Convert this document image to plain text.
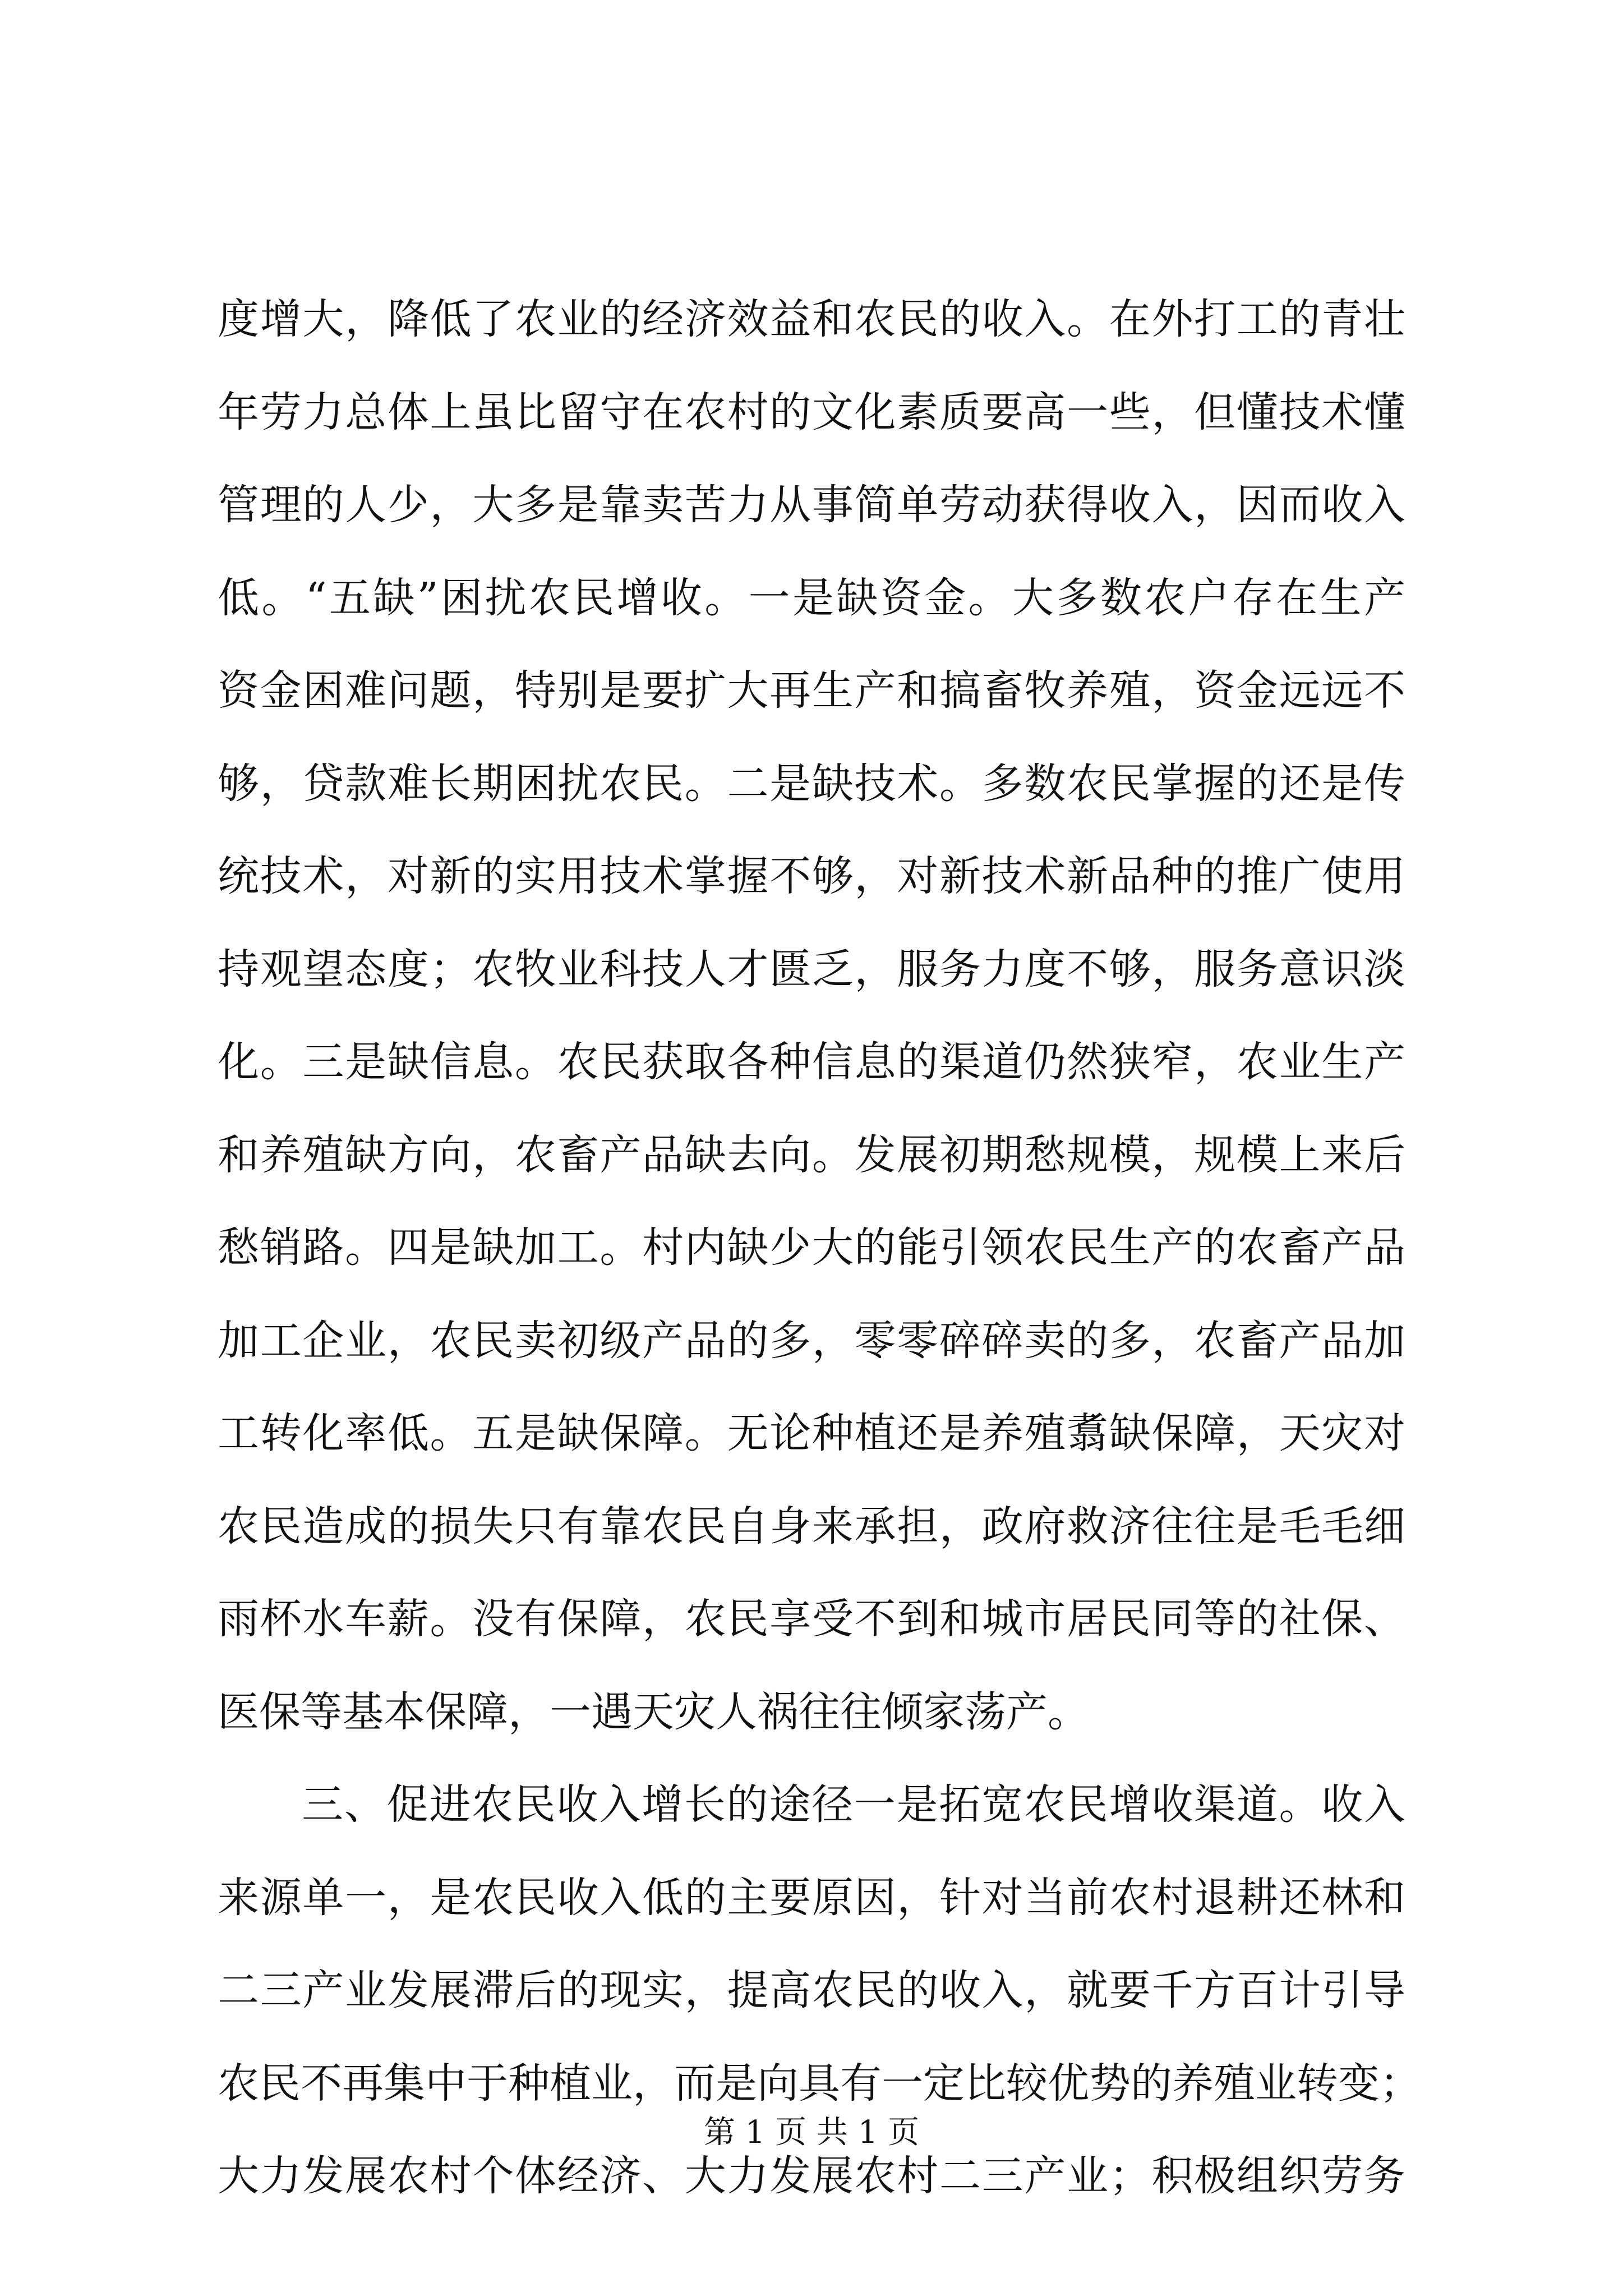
度增大，降低了农业的经济效益和农民的收入。在外打工的青壮
年劳力总体上虽比留守在农村的文化素质要高一些，但懂技术懂
管理的人少，大多是靠卖苦力从事简单劳动获得收入，因而收入
低。“五缺”困扰农民增收。一是缺资金。大多数农户存在生产
资金困难问题，特别是要扩大再生产和搞畜牧养殖，资金远远不
够，贷款难长期困扰农民。二是缺技术。多数农民掌握的还是传
统技术，对新的实用技术掌握不够，对新技术新品种的推广使用
持观望态度；农牧业科技人才匮乏，服务力度不够，服务意识淡
化。三是缺信息。农民获取各种信息的渠道仍然狭窄，农业生产
和养殖缺方向，农畜产品缺去向。发展初期愁规模，规模上来后
愁销路。四是缺加工。村内缺少大的能引领农民生产的农畜产品
加工企业，农民卖初级产品的多，零零碎碎卖的多，农畜产品加
工转化率低。五是缺保障。无论种植还是养殖翥缺保障，天灾对
农民造成的损失只有靠农民自身来承担，政府救济往往是毛毛细
雨杯水车薪。没有保障，农民享受不到和城市居民同等的社保、
医保等基本保障，一遇天灾人祸往往倾家荡产。
三、促进农民收入增长的途径一是拓宽农民增收渠道。收入
来源单一，是农民收入低的主要原因，针对当前农村退耕还林和
二三产业发展滞后的现实，提高农民的收入，就要千方百计引导
农民不再集中于种植业，而是向具有一定比较优势的养殖业转变；
大力发展农村个体经济、大力发展农村二三产业；积极组织劳务
第 1 页 共 1 页
